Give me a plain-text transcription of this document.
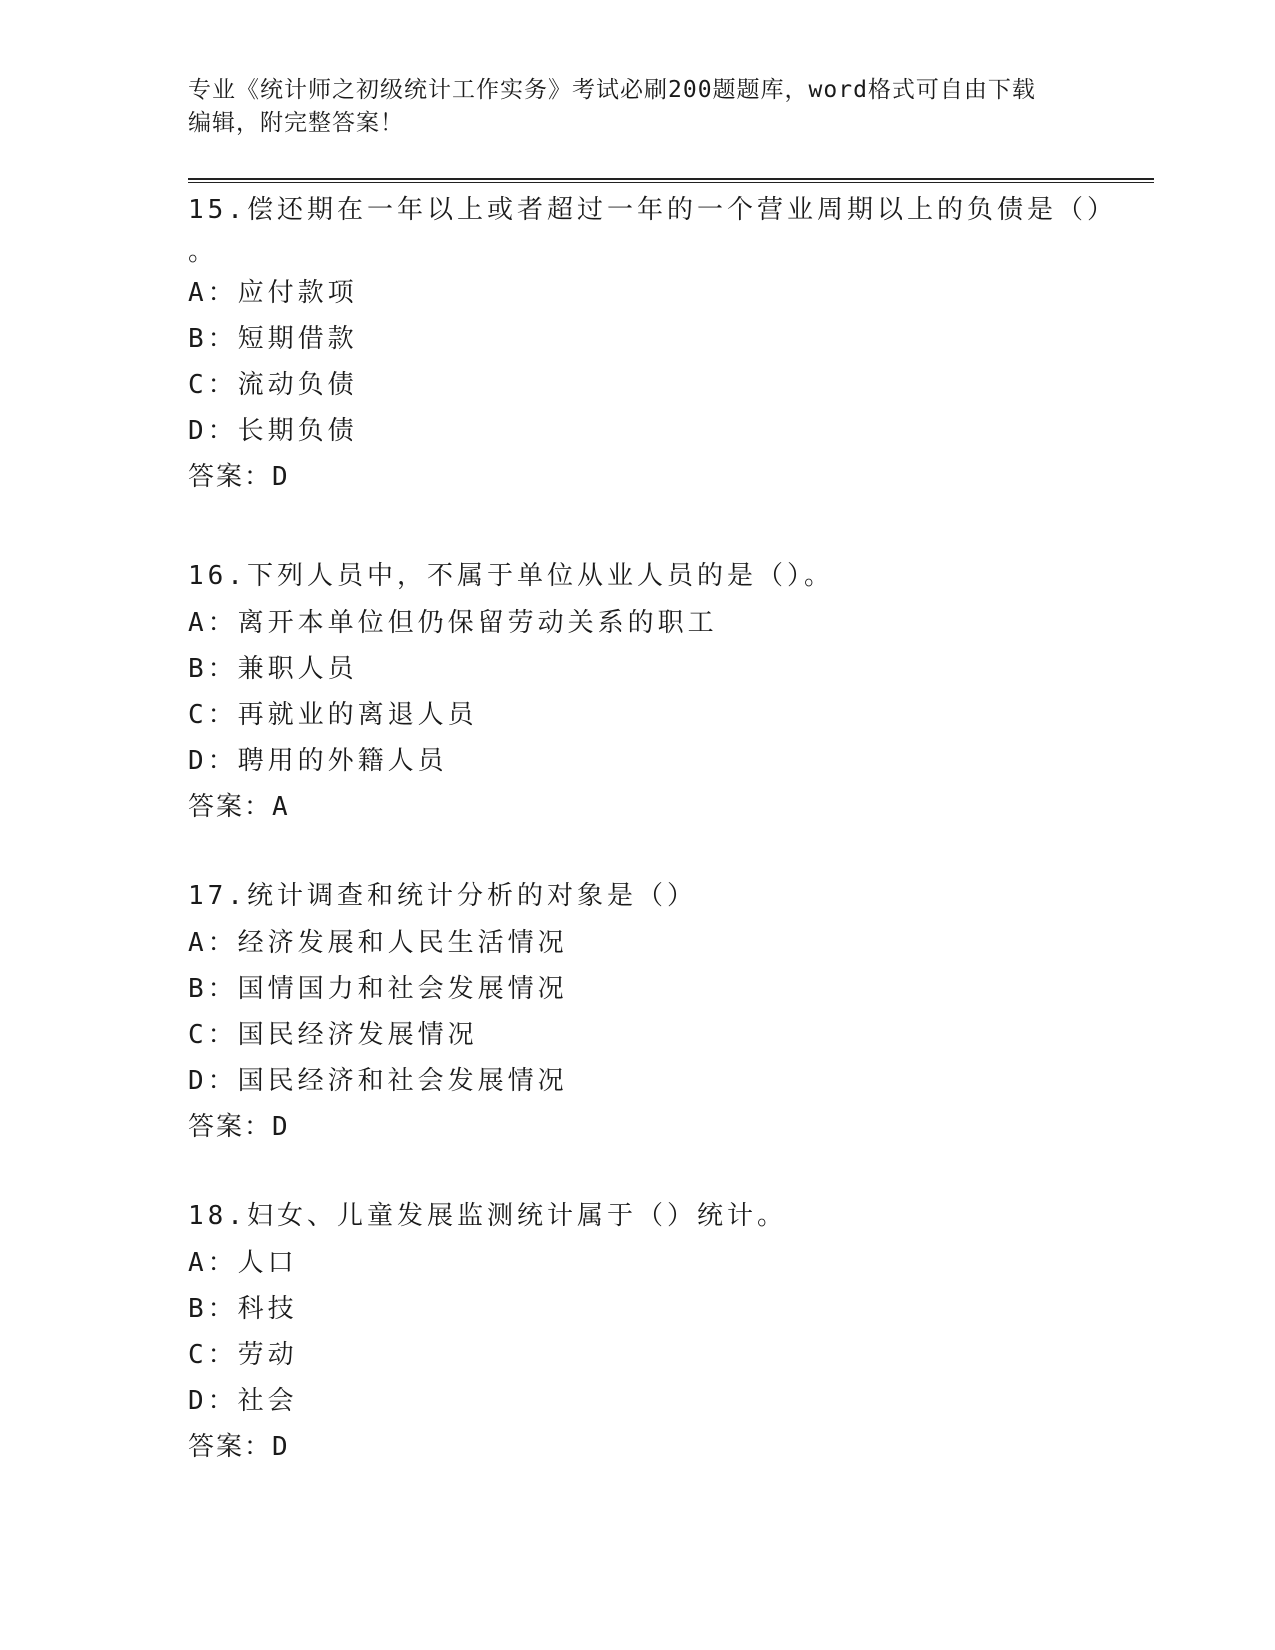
专业《统计师之初级统计工作实务》考试必刷200题题库，word格式可自由下载
编辑，附完整答案！

15.偿还期在一年以上或者超过一年的一个营业周期以上的负债是（）

。

A：应付款项

B：短期借款

C：流动负债

D：长期负债

答案：D

16.下列人员中，不属于单位从业人员的是（）。

A：离开本单位但仍保留劳动关系的职工

B：兼职人员

C：再就业的离退人员

D：聘用的外籍人员

答案：A

17.统计调查和统计分析的对象是（）

A：经济发展和人民生活情况

B：国情国力和社会发展情况

C：国民经济发展情况

D：国民经济和社会发展情况

答案：D

18.妇女、儿童发展监测统计属于（）统计。

A：人口

B：科技

C：劳动

D：社会

答案：D
